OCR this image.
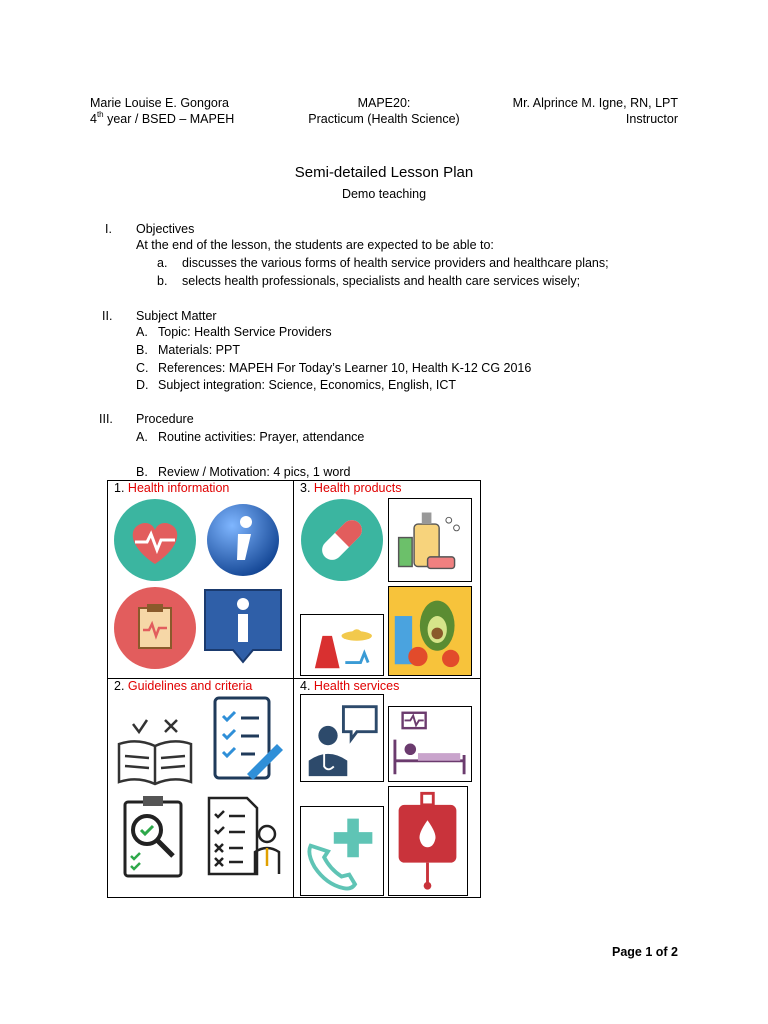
Marie Louise E. Gongora
4th year / BSED – MAPEH
MAPE20:
Practicum (Health Science)
Mr. Alprince M. Igne, RN, LPT
Instructor
Semi-detailed Lesson Plan
Demo teaching
I. Objectives
At the end of the lesson, the students are expected to be able to:
a. discusses the various forms of health service providers and healthcare plans;
b. selects health professionals, specialists and health care services wisely;
II. Subject Matter
A. Topic: Health Service Providers
B. Materials: PPT
C. References: MAPEH For Today’s Learner 10, Health K-12 CG 2016
D. Subject integration: Science, Economics, English, ICT
III. Procedure
A. Routine activities: Prayer, attendance
B. Review / Motivation: 4 pics, 1 word
1. Health information	3. Health products
2. Guidelines and criteria	4. Health services
Page 1 of 2
